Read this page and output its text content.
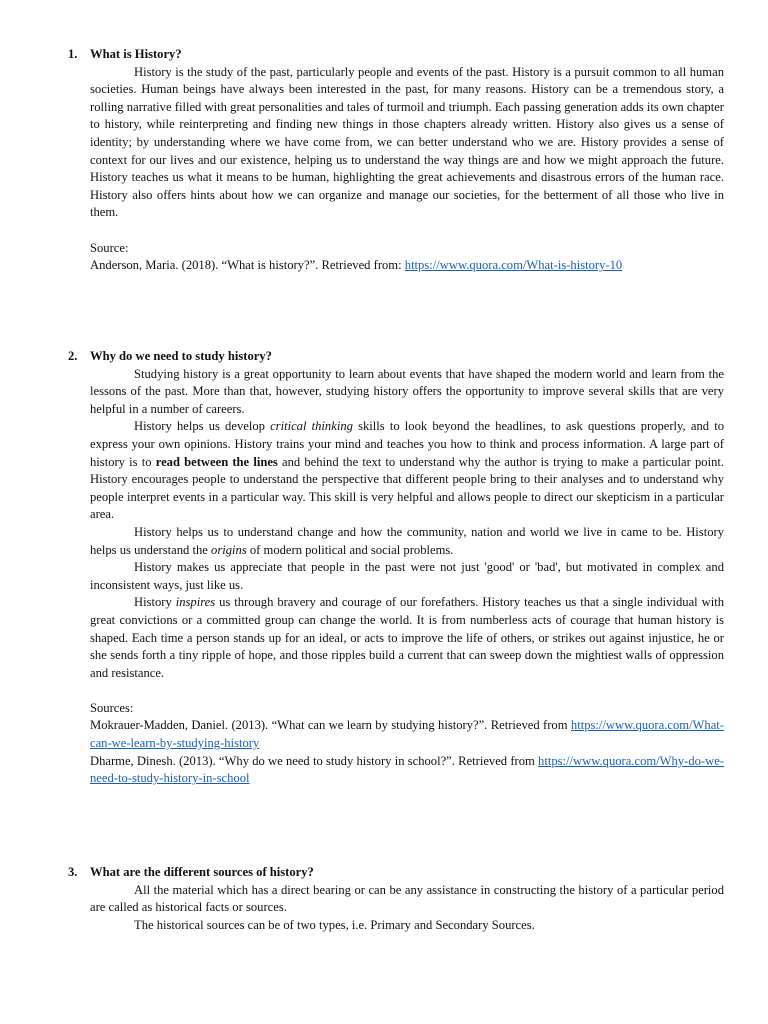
1. What is History?

History is the study of the past, particularly people and events of the past. History is a pursuit common to all human societies. Human beings have always been interested in the past, for many reasons. History can be a tremendous story, a rolling narrative filled with great personalities and tales of turmoil and triumph. Each passing generation adds its own chapter to history, while reinterpreting and finding new things in those chapters already written. History also gives us a sense of identity; by understanding where we have come from, we can better understand who we are. History provides a sense of context for our lives and our existence, helping us to understand the way things are and how we might approach the future. History teaches us what it means to be human, highlighting the great achievements and disastrous errors of the human race. History also offers hints about how we can organize and manage our societies, for the betterment of all those who live in them.

Source:

Anderson, Maria. (2018). “What is history?”. Retrieved from: https://www.quora.com/What-is-history-10

2. Why do we need to study history?

Studying history is a great opportunity to learn about events that have shaped the modern world and learn from the lessons of the past. More than that, however, studying history offers the opportunity to improve several skills that are very helpful in a number of careers.

History helps us develop critical thinking skills to look beyond the headlines, to ask questions properly, and to express your own opinions. History trains your mind and teaches you how to think and process information. A large part of history is to read between the lines and behind the text to understand why the author is trying to make a particular point. History encourages people to understand the perspective that different people bring to their analyses and to understand why people interpret events in a particular way. This skill is very helpful and allows people to direct our skepticism in a particular area.

History helps us to understand change and how the community, nation and world we live in came to be. History helps us understand the origins of modern political and social problems.

History makes us appreciate that people in the past were not just 'good' or 'bad', but motivated in complex and inconsistent ways, just like us.

History inspires us through bravery and courage of our forefathers. History teaches us that a single individual with great convictions or a committed group can change the world. It is from numberless acts of courage that human history is shaped. Each time a person stands up for an ideal, or acts to improve the life of others, or strikes out against injustice, he or she sends forth a tiny ripple of hope, and those ripples build a current that can sweep down the mightiest walls of oppression and resistance.

Sources:

Mokrauer-Madden, Daniel. (2013). “What can we learn by studying history?”. Retrieved from https://www.quora.com/What-can-we-learn-by-studying-history

Dharme, Dinesh. (2013). “Why do we need to study history in school?”. Retrieved from https://www.quora.com/Why-do-we-need-to-study-history-in-school

3. What are the different sources of history?

All the material which has a direct bearing or can be any assistance in constructing the history of a particular period are called as historical facts or sources.

The historical sources can be of two types, i.e. Primary and Secondary Sources.
